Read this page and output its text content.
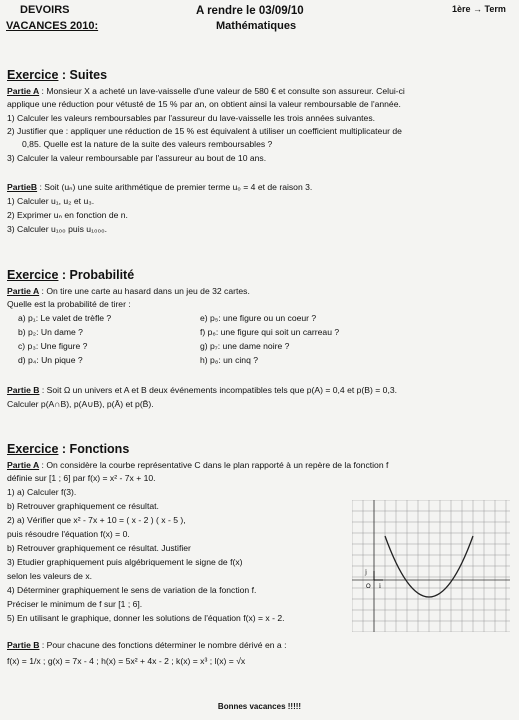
DEVOIRS
VACANCES 2010:
A rendre le 03/09/10
Mathématiques
1ère → Term
Exercice : Suites
Partie A : Monsieur X a acheté un lave-vaisselle d'une valeur de 580 € et consulte son assureur. Celui-ci
applique une réduction pour vétusté de 15 % par an, on obtient ainsi la valeur remboursable de l'année.
1) Calculer les valeurs remboursables par l'assureur du lave-vaisselle les trois années suivantes.
2) Justifier que : appliquer une réduction de 15 % est équivalent à utiliser un coefficient multiplicateur de
0,85. Quelle est la nature de la suite des valeurs remboursables ?
3) Calculer la valeur remboursable par l'assureur au bout de 10 ans.
PartieB : Soit (uₙ) une suite arithmétique de premier terme u₀ = 4 et de raison 3.
1) Calculer u₁, u₂ et u₃.
2) Exprimer uₙ en fonction de n.
3) Calculer u₁₀₀ puis u₁₀₀₀.
Exercice : Probabilité
Partie A : On tire une carte au hasard dans un jeu de 32 cartes.
Quelle est la probabilité de tirer :
a) p₁: Le valet de trèfle ?
b) p₂: Un dame ?
c) p₃: Une figure ?
d) p₄: Un pique ?
e) p₅: une figure ou un coeur ?
f) p₆: une figure qui soit un carreau ?
g) p₇: une dame noire ?
h) p₈: un cinq ?
Partie B : Soit Ω un univers et A et B deux événements incompatibles tels que p(A) = 0,4 et p(B) = 0,3.
Calculer p(A∩B), p(A∪B), p(Ā) et p(B̄).
Exercice : Fonctions
Partie A : On considère la courbe représentative C dans le plan rapporté à un repère de la fonction f
définie sur [1 ; 6] par f(x) = x² - 7x + 10.
1) a) Calculer f(3).
b) Retrouver graphiquement ce résultat.
2) a) Vérifier que x² - 7x + 10 = ( x - 2 ) ( x - 5 ),
puis résoudre l'équation f(x) = 0.
b) Retrouver graphiquement ce résultat. Justifier
3) Etudier graphiquement puis algébriquement le signe de f(x)
selon les valeurs de x.
4) Déterminer graphiquement le sens de variation de la fonction f.
Préciser le minimum de f sur [1 ; 6].
5) En utilisant le graphique, donner les solutions de l'équation f(x) = x - 2.
Partie B : Pour chacune des fonctions déterminer le nombre dérivé en a :
f(x) = 1/x ; g(x) = 7x - 4 ; h(x) = 5x² + 4x - 2 ; k(x) = x³ ; l(x) = √x
j
O i
Bonnes vacances !!!!!
